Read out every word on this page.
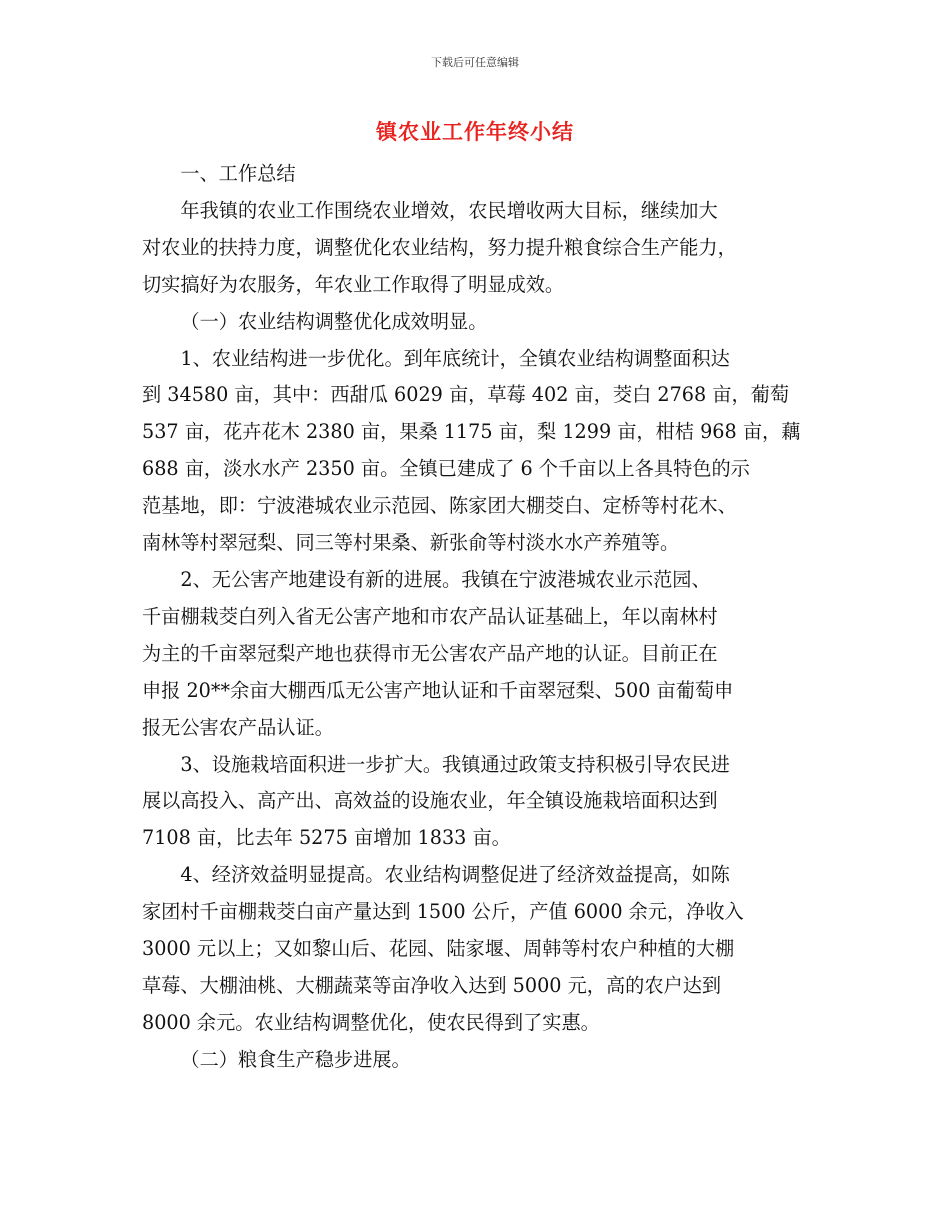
下载后可任意编辑
镇农业工作年终小结

一、工作总结

年我镇的农业工作围绕农业增效，农民增收两大目标，继续加大
对农业的扶持力度，调整优化农业结构，努力提升粮食综合生产能力，
切实搞好为农服务，年农业工作取得了明显成效。

（一）农业结构调整优化成效明显。

1、农业结构进一步优化。到年底统计，全镇农业结构调整面积达
到 34580 亩，其中：西甜瓜 6029 亩，草莓 402 亩，茭白 2768 亩，葡萄
537 亩，花卉花木 2380 亩，果桑 1175 亩，梨 1299 亩，柑桔 968 亩，藕
688 亩，淡水水产 2350 亩。全镇已建成了 6 个千亩以上各具特色的示
范基地，即：宁波港城农业示范园、陈家团大棚茭白、定桥等村花木、
南林等村翠冠梨、同三等村果桑、新张俞等村淡水水产养殖等。

2、无公害产地建设有新的进展。我镇在宁波港城农业示范园、
千亩棚栽茭白列入省无公害产地和市农产品认证基础上，年以南林村
为主的千亩翠冠梨产地也获得市无公害农产品产地的认证。目前正在
申报 20**余亩大棚西瓜无公害产地认证和千亩翠冠梨、500 亩葡萄申
报无公害农产品认证。

3、设施栽培面积进一步扩大。我镇通过政策支持积极引导农民进
展以高投入、高产出、高效益的设施农业，年全镇设施栽培面积达到
7108 亩，比去年 5275 亩增加 1833 亩。

4、经济效益明显提高。农业结构调整促进了经济效益提高，如陈
家团村千亩棚栽茭白亩产量达到 1500 公斤，产值 6000 余元，净收入
3000 元以上；又如黎山后、花园、陆家堰、周韩等村农户种植的大棚
草莓、大棚油桃、大棚蔬菜等亩净收入达到 5000 元，高的农户达到
8000 余元。农业结构调整优化，使农民得到了实惠。

（二）粮食生产稳步进展。
